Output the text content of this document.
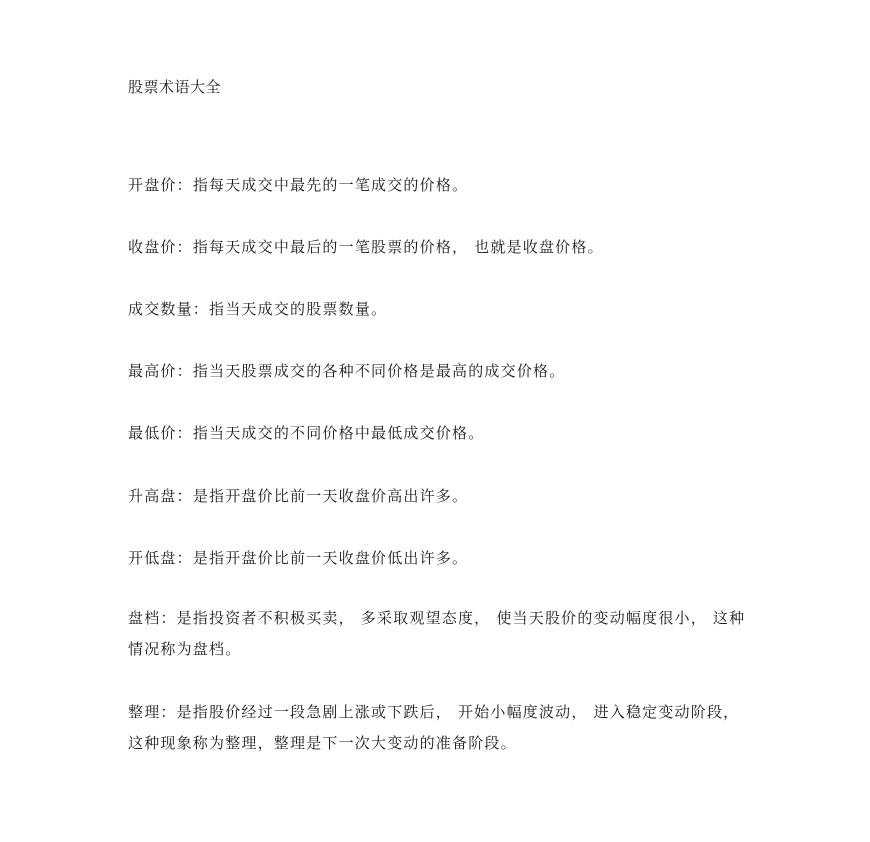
股票术语大全

开盘价：指每天成交中最先的一笔成交的价格。

收盘价：指每天成交中最后的一笔股票的价格， 也就是收盘价格。

成交数量：指当天成交的股票数量。

最高价：指当天股票成交的各种不同价格是最高的成交价格。

最低价：指当天成交的不同价格中最低成交价格。

升高盘：是指开盘价比前一天收盘价高出许多。

开低盘：是指开盘价比前一天收盘价低出许多。

盘档：是指投资者不积极买卖， 多采取观望态度， 使当天股价的变动幅度很小， 这种情况称为盘档。

整理：是指股价经过一段急剧上涨或下跌后， 开始小幅度波动， 进入稳定变动阶段，这种现象称为整理，整理是下一次大变动的准备阶段。
